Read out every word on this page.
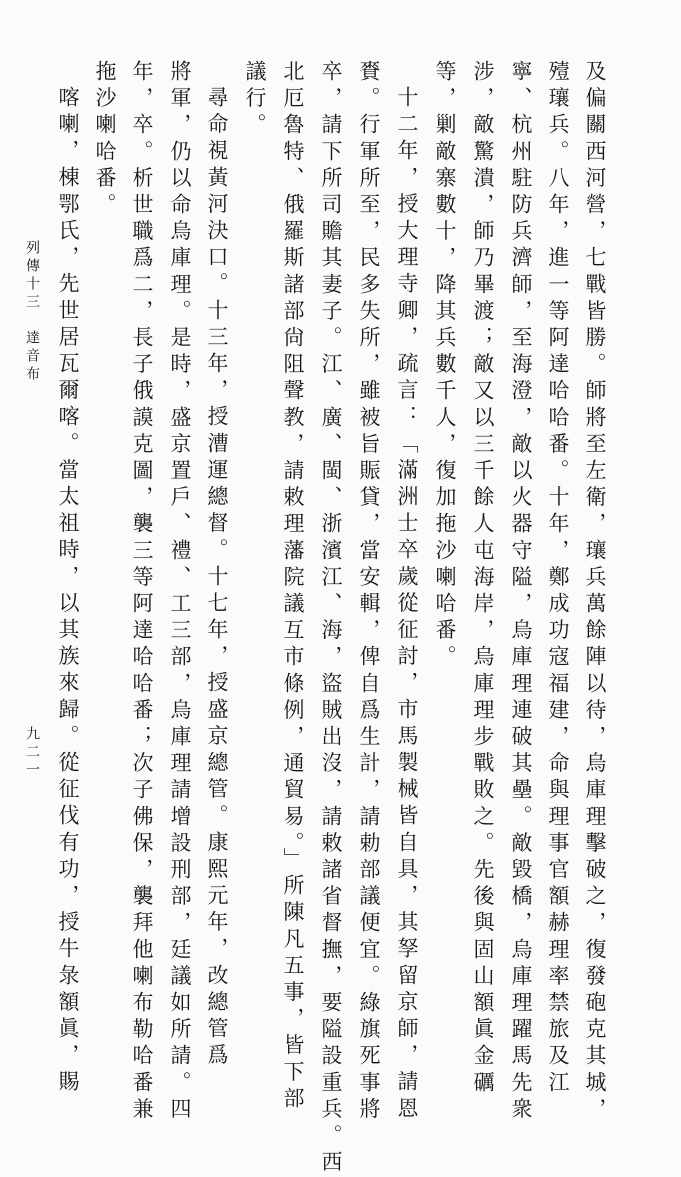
及偏關西河營，七戰皆勝。師將至左衛，瓖兵萬餘陣以待，烏庫理擊破之，復發砲克其城，
殪瓖兵。八年，進一等阿達哈哈番。十年，鄭成功寇福建，命與理事官額赫理率禁旅及江
寧、杭州駐防兵濟師，至海澄，敵以火器守隘，烏庫理連破其壘。敵毀橋，烏庫理躍馬先衆
涉，敵驚潰，師乃畢渡；敵又以三千餘人屯海岸，烏庫理步戰敗之。先後與固山額眞金礪
等，剿敵寨數十，降其兵數千人，復加拖沙喇哈番。
十二年，授大理寺卿，疏言：「滿洲士卒歲從征討，市馬製械皆自具，其孥留京師，請恩
賚。行軍所至，民多失所，雖被旨賑貸，當安輯，俾自爲生計，請勅部議便宜。綠旗死事將
卒，請下所司贍其妻子。江、廣、閩、浙濱江、海，盜賊出沒，請敕諸省督撫，要隘設重兵。西
北厄魯特、俄羅斯諸部尙阻聲教，請敕理藩院議互市條例，通貿易。」所陳凡五事，皆下部
議行。
尋命視黃河決口。十三年，授漕運總督。十七年，授盛京總管。康熙元年，改總管爲
將軍，仍以命烏庫理。是時，盛京置戶、禮、工三部，烏庫理請增設刑部，廷議如所請。四
年，卒。析世職爲二，長子俄謨克圖，襲三等阿達哈哈番；次子佛保，襲拜他喇布勒哈番兼
拖沙喇哈番。
喀喇，棟鄂氏，先世居瓦爾喀。當太祖時，以其族來歸。從征伐有功，授牛彔額眞，賜
列傳十三
達音布
九二一
